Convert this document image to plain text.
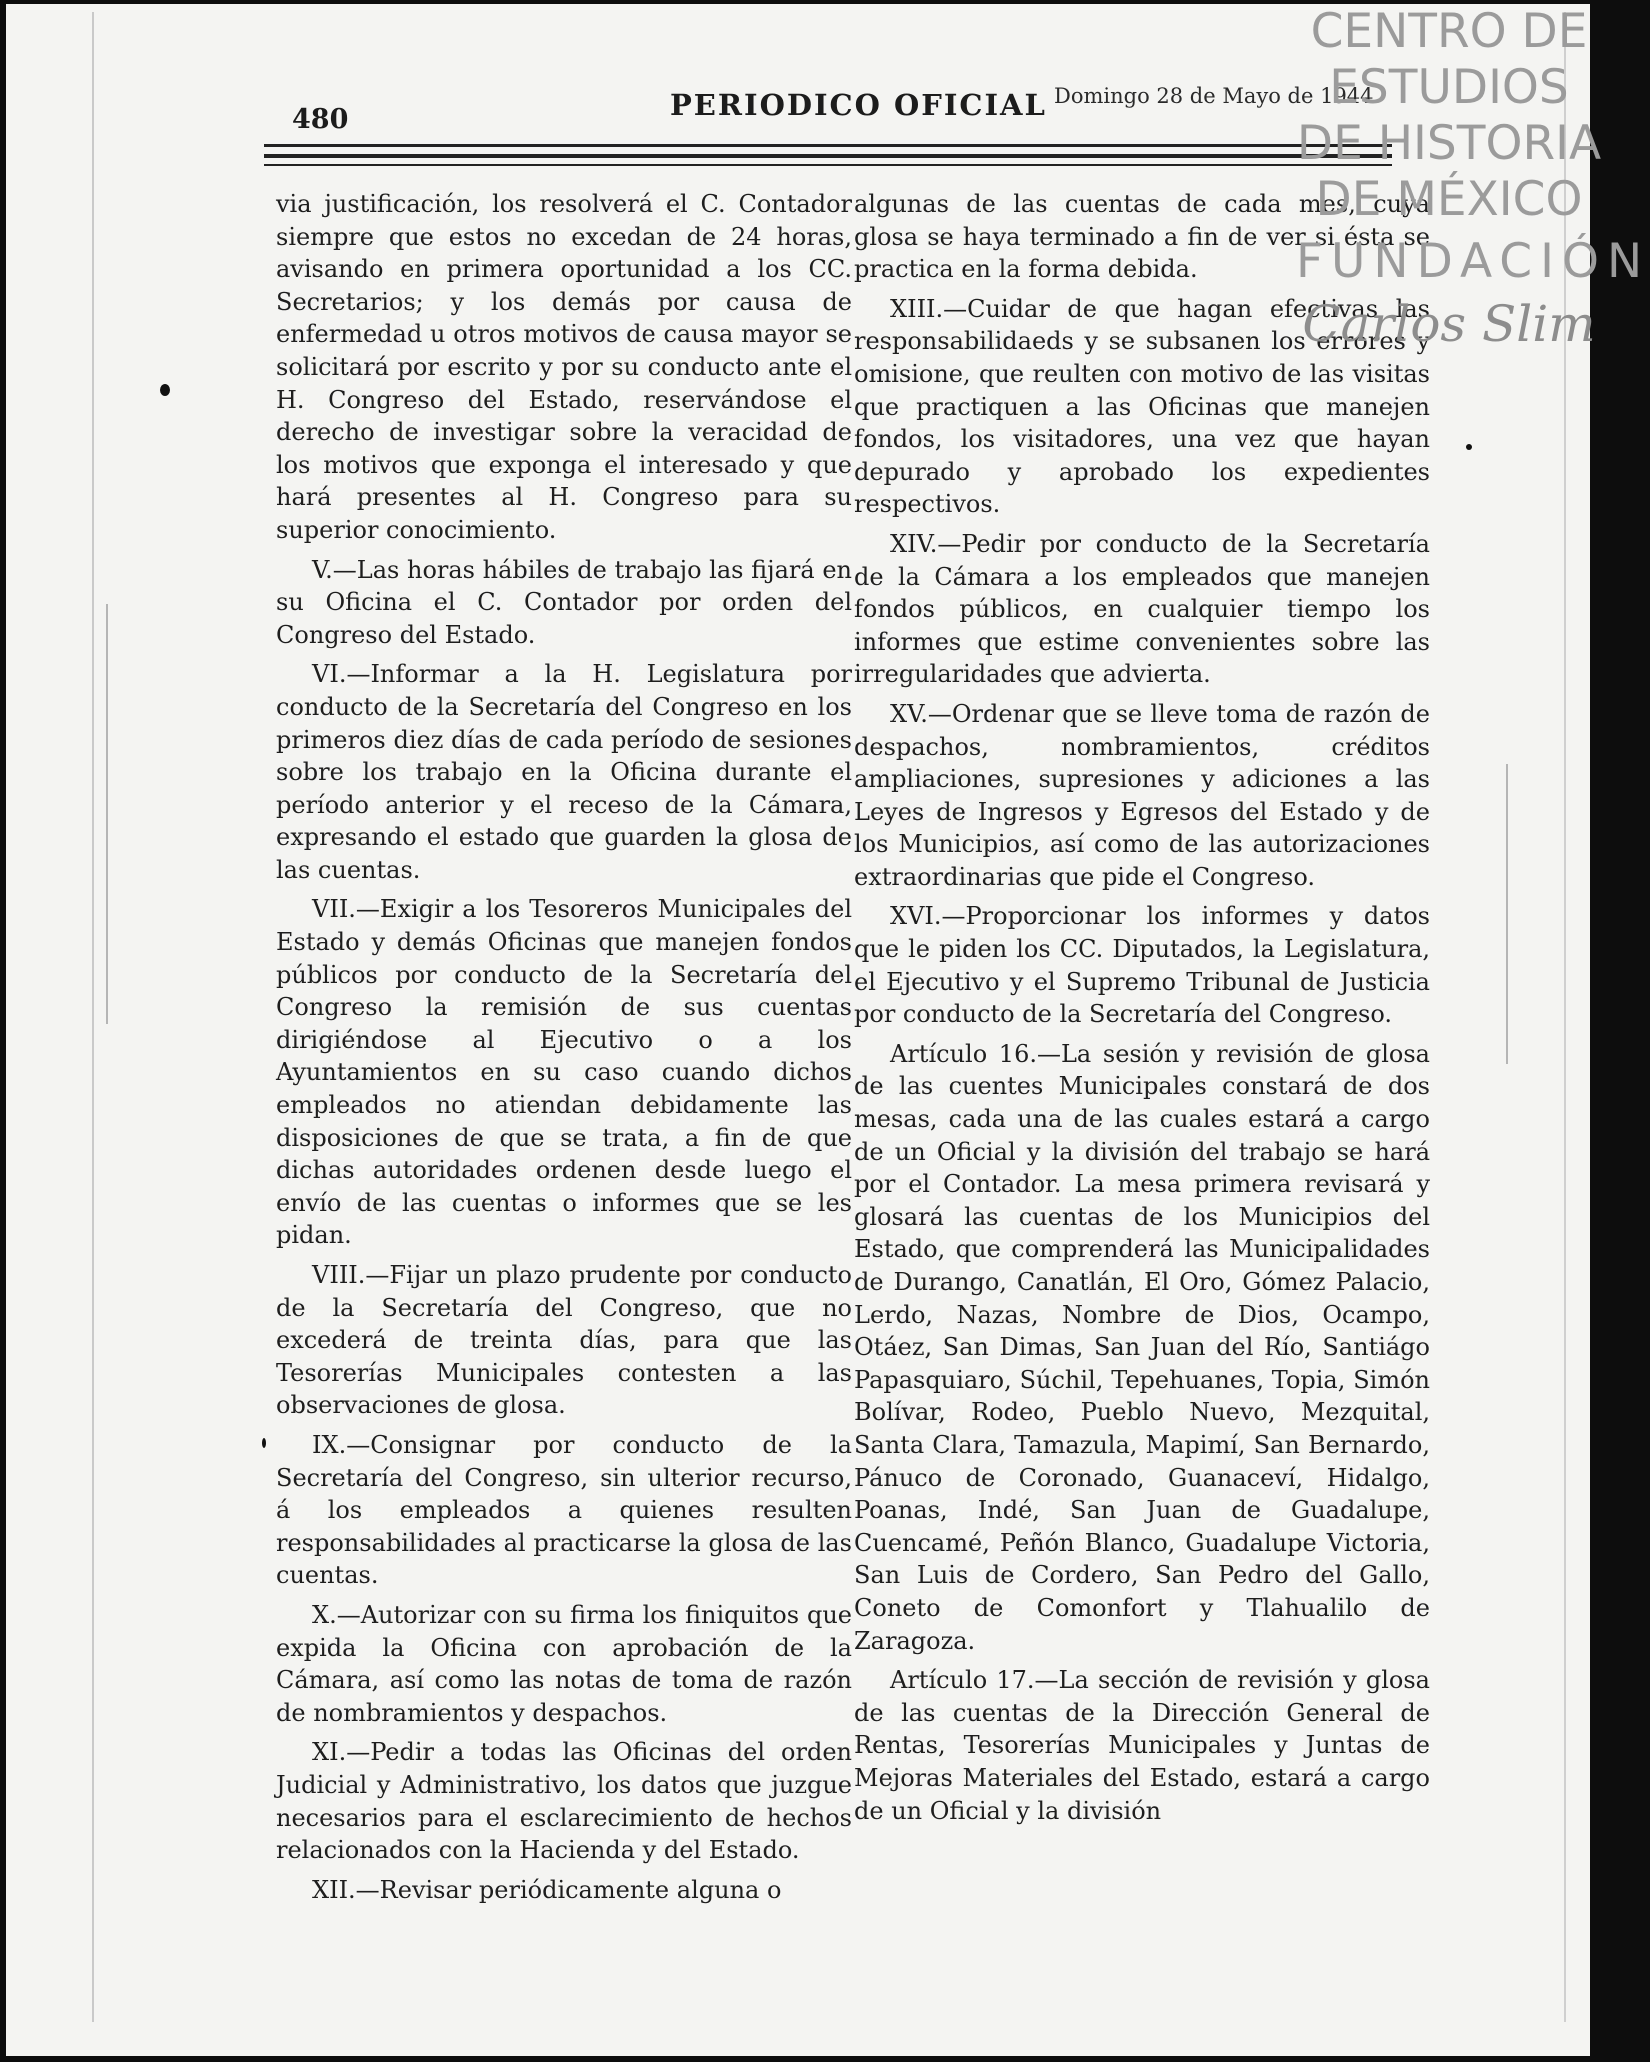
480	PERIODICO OFICIAL Domingo 28 de Mayo de 1944

via justificación, los resolverá el C. Contador siempre que estos no excedan de 24 horas, avisando en primera oportunidad a los CC. Secretarios; y los demás por causa de enfermedad u otros motivos de causa mayor se solicitará por escrito y por su conducto ante el H. Congreso del Estado, reservándose el derecho de investigar sobre la veracidad de los motivos que exponga el interesado y que hará presentes al H. Congreso para su superior conocimiento.

V.—Las horas hábiles de trabajo las fijará en su Oficina el C. Contador por orden del Congreso del Estado.

VI.—Informar a la H. Legislatura por conducto de la Secretaría del Congreso en los primeros diez días de cada período de sesiones sobre los trabajo en la Oficina durante el período anterior y el receso de la Cámara, expresando el estado que guarden la glosa de las cuentas.

VII.—Exigir a los Tesoreros Municipales del Estado y demás Oficinas que manejen fondos públicos por conducto de la Secretaría del Congreso la remisión de sus cuentas dirigiéndose al Ejecutivo o a los Ayuntamientos en su caso cuando dichos empleados no atiendan debidamente las disposiciones de que se trata, a fin de que dichas autoridades ordenen desde luego el envío de las cuentas o informes que se les pidan.

VIII.—Fijar un plazo prudente por conducto de la Secretaría del Congreso, que no excederá de treinta días, para que las Tesorerías Municipales contesten a las observaciones de glosa.

IX.—Consignar por conducto de la Secretaría del Congreso, sin ulterior recurso, á los empleados a quienes resulten responsabilidades al practicarse la glosa de las cuentas.

X.—Autorizar con su firma los finiquitos que expida la Oficina con aprobación de la Cámara, así como las notas de toma de razón de nombramientos y despachos.

XI.—Pedir a todas las Oficinas del orden Judicial y Administrativo, los datos que juzgue necesarios para el esclarecimiento de hechos relacionados con la Hacienda y del Estado.

XII.—Revisar periódicamente alguna o

algunas de las cuentas de cada mes, cuya glosa se haya terminado a fin de ver si ésta se practica en la forma debida.

XIII.—Cuidar de que hagan efectivas las responsabilidaeds y se subsanen los errores y omisione, que reulten con motivo de las visitas que practiquen a las Oficinas que manejen fondos, los visitadores, una vez que hayan depurado y aprobado los expedientes respectivos.

XIV.—Pedir por conducto de la Secretaría de la Cámara a los empleados que manejen fondos públicos, en cualquier tiempo los informes que estime convenientes sobre las irregularidades que advierta.

XV.—Ordenar que se lleve toma de razón de despachos, nombramientos, créditos ampliaciones, supresiones y adiciones a las Leyes de Ingresos y Egresos del Estado y de los Municipios, así como de las autorizaciones extraordinarias que pide el Congreso.

XVI.—Proporcionar los informes y datos que le piden los CC. Diputados, la Legislatura, el Ejecutivo y el Supremo Tribunal de Justicia por conducto de la Secretaría del Congreso.

Artículo 16.—La sesión y revisión de glosa de las cuentes Municipales constará de dos mesas, cada una de las cuales estará a cargo de un Oficial y la división del trabajo se hará por el Contador. La mesa primera revisará y glosará las cuentas de los Municipios del Estado, que comprenderá las Municipalidades de Durango, Canatlán, El Oro, Gómez Palacio, Lerdo, Nazas, Nombre de Dios, Ocampo, Otáez, San Dimas, San Juan del Río, Santiágo Papasquiaro, Súchil, Tepehuanes, Topia, Simón Bolívar, Rodeo, Pueblo Nuevo, Mezquital, Santa Clara, Tamazula, Mapimí, San Bernardo, Pánuco de Coronado, Guanaceví, Hidalgo, Poanas, Indé, San Juan de Guadalupe, Cuencamé, Peñón Blanco, Guadalupe Victoria, San Luis de Cordero, San Pedro del Gallo, Coneto de Comonfort y Tlahualilo de Zaragoza.

Artículo 17.—La sección de revisión y glosa de las cuentas de la Dirección General de Rentas, Tesorerías Municipales y Juntas de Mejoras Materiales del Estado, estará a cargo de un Oficial y la división

CENTRO DE
ESTUDIOS
DE HISTORIA
DE MÉXICO
FUNDACIÓN
Carlos Slim
